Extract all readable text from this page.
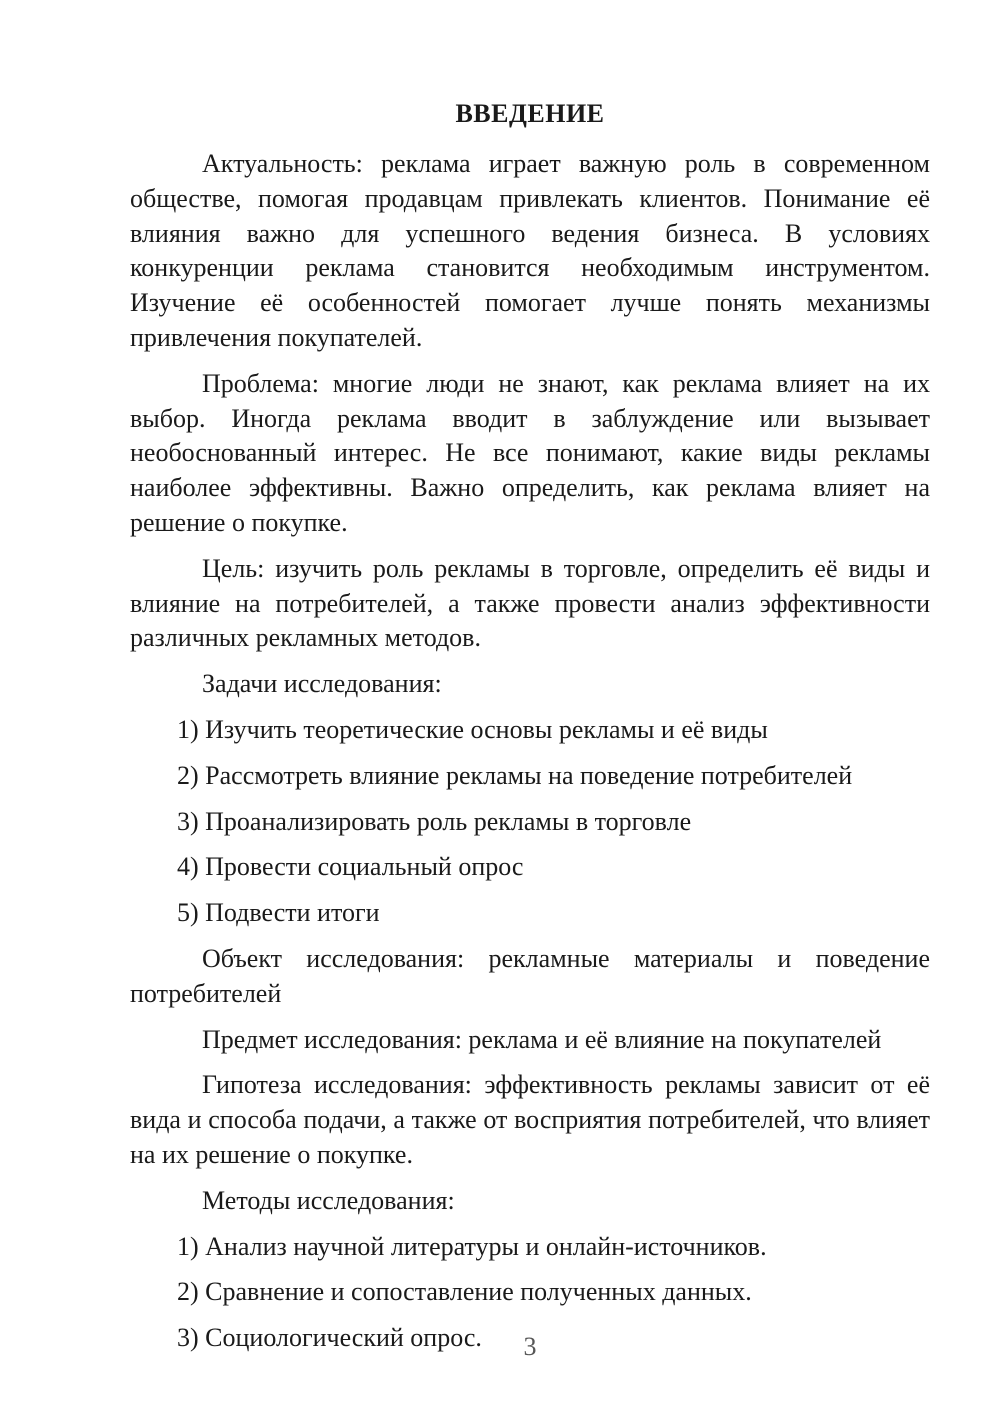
ВВЕДЕНИЕ

Актуальность: реклама играет важную роль в современном обществе, помогая продавцам привлекать клиентов. Понимание её влияния важно для успешного ведения бизнеса. В условиях конкуренции реклама становится необходимым инструментом. Изучение её особенностей помогает лучше понять механизмы привлечения покупателей.

Проблема: многие люди не знают, как реклама влияет на их выбор. Иногда реклама вводит в заблуждение или вызывает необоснованный интерес. Не все понимают, какие виды рекламы наиболее эффективны. Важно определить, как реклама влияет на решение о покупке.

Цель: изучить роль рекламы в торговле, определить её виды и влияние на потребителей, а также провести анализ эффективности различных рекламных методов.

Задачи исследования:

1) Изучить теоретические основы рекламы и её виды

2) Рассмотреть влияние рекламы на поведение потребителей

3) Проанализировать роль рекламы в торговле

4) Провести социальный опрос

5) Подвести итоги

Объект исследования: рекламные материалы и поведение потребителей

Предмет исследования: реклама и её влияние на покупателей

Гипотеза исследования: эффективность рекламы зависит от её вида и способа подачи, а также от восприятия потребителей, что влияет на их решение о покупке.

Методы исследования:

1) Анализ научной литературы и онлайн-источников.

2) Сравнение и сопоставление полученных данных.

3) Социологический опрос.	3
